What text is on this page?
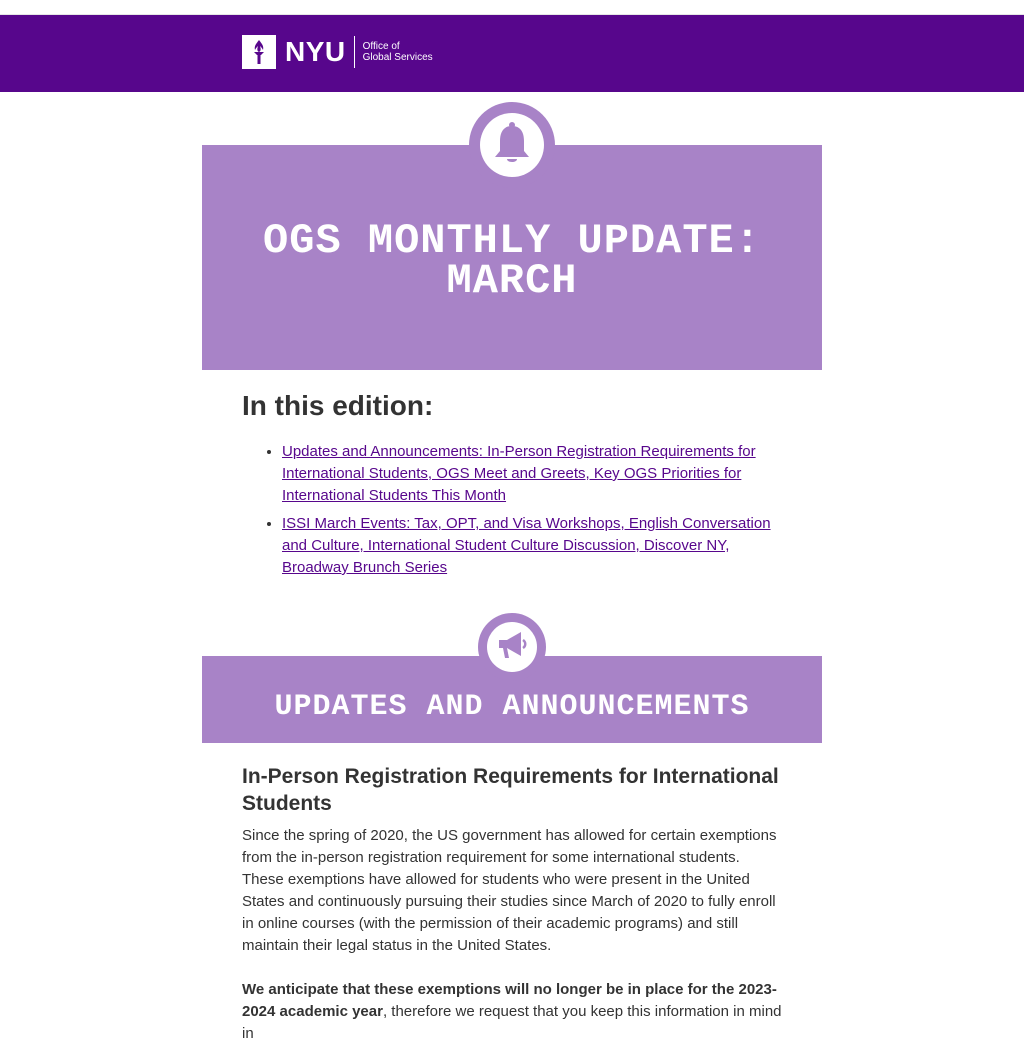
NYU Office of
Global Services
OGS MONTHLY UPDATE: MARCH
In this edition:
• Updates and Announcements: In-Person Registration Requirements for International Students, OGS Meet and Greets, Key OGS Priorities for International Students This Month
• ISSI March Events: Tax, OPT, and Visa Workshops, English Conversation and Culture, International Student Culture Discussion, Discover NY, Broadway Brunch Series
UPDATES AND ANNOUNCEMENTS
In-Person Registration Requirements for International Students

Since the spring of 2020, the US government has allowed for certain exemptions from the in-person registration requirement for some international students. These exemptions have allowed for students who were present in the United States and continuously pursuing their studies since March of 2020 to fully enroll in online courses (with the permission of their academic programs) and still maintain their legal status in the United States.

We anticipate that these exemptions will no longer be in place for the 2023-2024 academic year, therefore we request that you keep this information in mind in
